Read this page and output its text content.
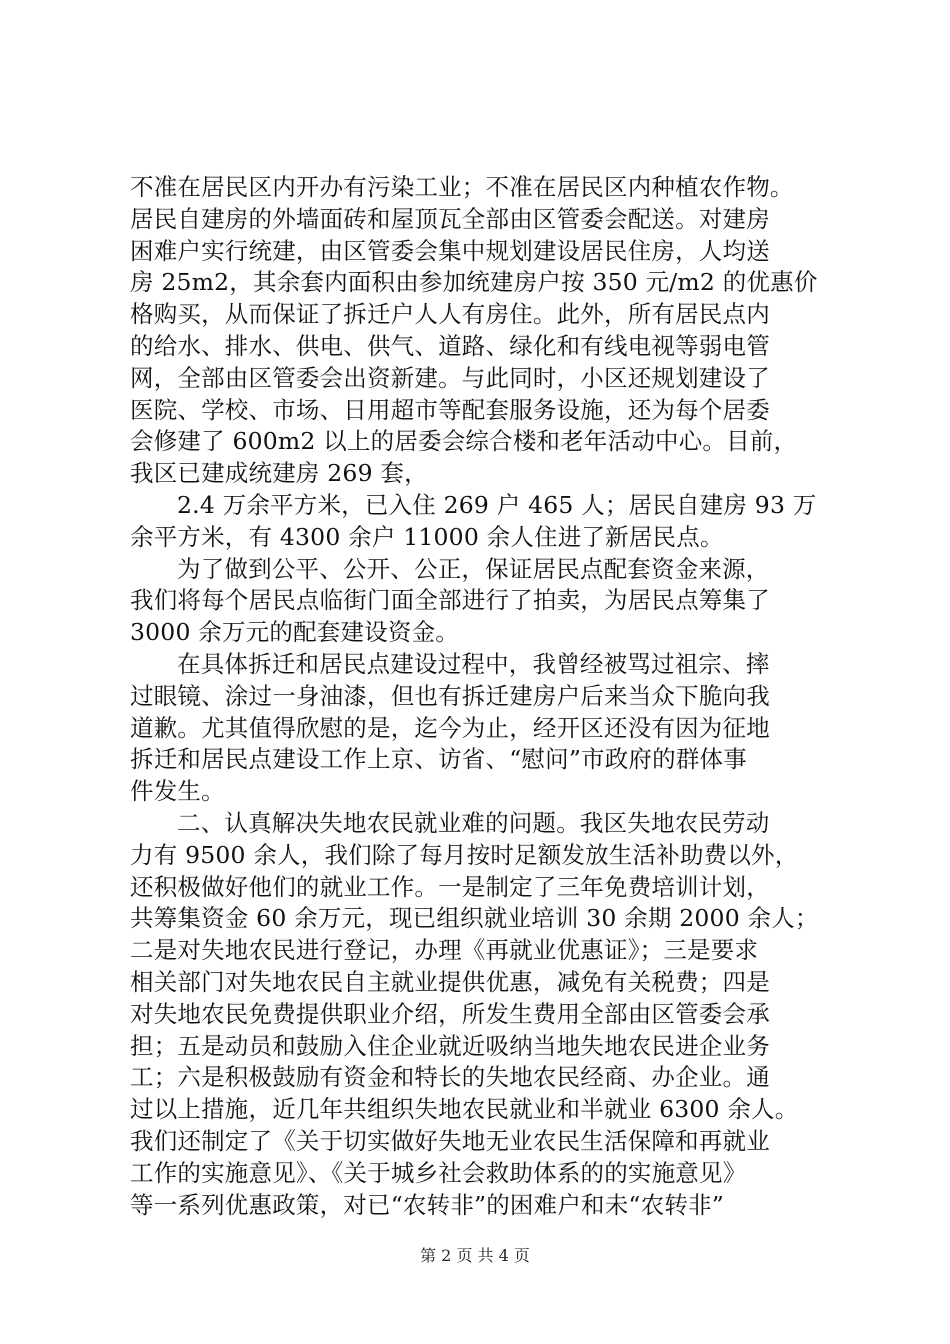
不准在居民区内开办有污染工业；不准在居民区内种植农作物。
居民自建房的外墙面砖和屋顶瓦全部由区管委会配送。对建房
困难户实行统建，由区管委会集中规划建设居民住房，人均送
房 25m2，其余套内面积由参加统建房户按 350 元/m2 的优惠价
格购买，从而保证了拆迁户人人有房住。此外，所有居民点内
的给水、排水、供电、供气、道路、绿化和有线电视等弱电管
网，全部由区管委会出资新建。与此同时，小区还规划建设了
医院、学校、市场、日用超市等配套服务设施，还为每个居委
会修建了 600m2 以上的居委会综合楼和老年活动中心。目前，
我区已建成统建房 269 套，
2.4 万余平方米，已入住 269 户 465 人；居民自建房 93 万
余平方米，有 4300 余户 11000 余人住进了新居民点。
为了做到公平、公开、公正，保证居民点配套资金来源，
我们将每个居民点临街门面全部进行了拍卖，为居民点筹集了
3000 余万元的配套建设资金。
在具体拆迁和居民点建设过程中，我曾经被骂过祖宗、摔
过眼镜、涂过一身油漆，但也有拆迁建房户后来当众下脆向我
道歉。尤其值得欣慰的是，迄今为止，经开区还没有因为征地
拆迁和居民点建设工作上京、访省、“慰问”市政府的群体事
件发生。
二、认真解决失地农民就业难的问题。我区失地农民劳动
力有 9500 余人，我们除了每月按时足额发放生活补助费以外，
还积极做好他们的就业工作。一是制定了三年免费培训计划，
共筹集资金 60 余万元，现已组织就业培训 30 余期 2000 余人；
二是对失地农民进行登记，办理《再就业优惠证》；三是要求
相关部门对失地农民自主就业提供优惠，减免有关税费；四是
对失地农民免费提供职业介绍，所发生费用全部由区管委会承
担；五是动员和鼓励入住企业就近吸纳当地失地农民进企业务
工；六是积极鼓励有资金和特长的失地农民经商、办企业。通
过以上措施，近几年共组织失地农民就业和半就业 6300 余人。
我们还制定了《关于切实做好失地无业农民生活保障和再就业
工作的实施意见》、《关于城乡社会救助体系的的实施意见》
等一系列优惠政策，对已“农转非”的困难户和未“农转非”
第 2 页 共 4 页
